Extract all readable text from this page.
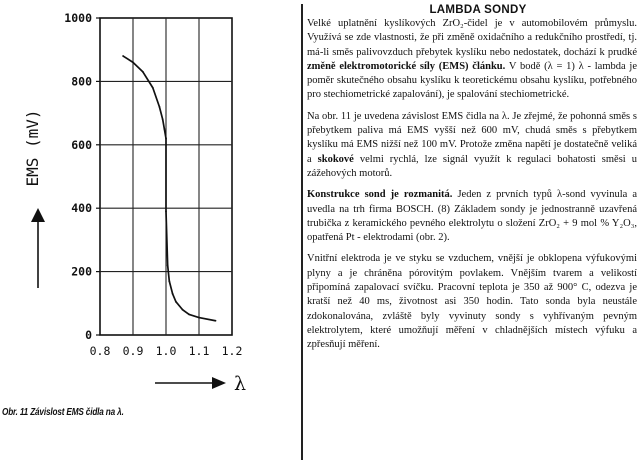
1000
800
600
400
200
0
0.8 0.9 1.0 1.1 1.2
EMS (mV)
λ
Obr. 11 Závislost EMS čidla na λ.
LAMBDA SONDY

Velké uplatnění kyslíkových ZrO₂-čidel je v automobilovém průmyslu. Využívá se zde vlastnosti, že při změně oxidačního a redukčního prostředí, tj. má-li směs palivovzduch přebytek kyslíku nebo nedostatek, dochází k prudké změně elektromotorické síly (EMS) článku. V bodě (λ = 1) λ - lambda je poměr skutečného obsahu kyslíku k teoretickému obsahu kyslíku, potřebného pro stechiometrické zapalování), je spalování stechiometrické.

Na obr. 11 je uvedena závislost EMS čidla na λ. Je zřejmé, že pohonná směs s přebytkem paliva má EMS vyšší než 600 mV, chudá směs s přebytkem kyslíku má EMS nižší než 100 mV. Protože změna napětí je dostatečně veliká a skokové velmi rychlá, lze signál využít k regulaci bohatosti směsi u zážehových motorů.

Konstrukce sond je rozmanitá. Jeden z prvních typů λ-sond vyvinula a uvedla na trh firma BOSCH. (8) Základem sondy je jednostranně uzavřená trubička z keramického pevného elektrolytu o složení ZrO₂ + 9 mol % Y₂O₃, opatřená Pt - elektrodami (obr. 2).

Vnitřní elektroda je ve styku se vzduchem, vnější je obklopena výfukovými plyny a je chráněna pórovitým povlakem. Vnějším tvarem a velikostí připomíná zapalovací svíčku. Pracovní teplota je 350 až 900° C, odezva je kratší než 40 ms, životnost asi 350 hodin. Tato sonda byla neustále zdokonalována, zvláště byly vyvinuty sondy s vyhřívaným pevným elektrolytem, které umožňují měření v chladnějších místech výfuku a zpřesňují měření.
